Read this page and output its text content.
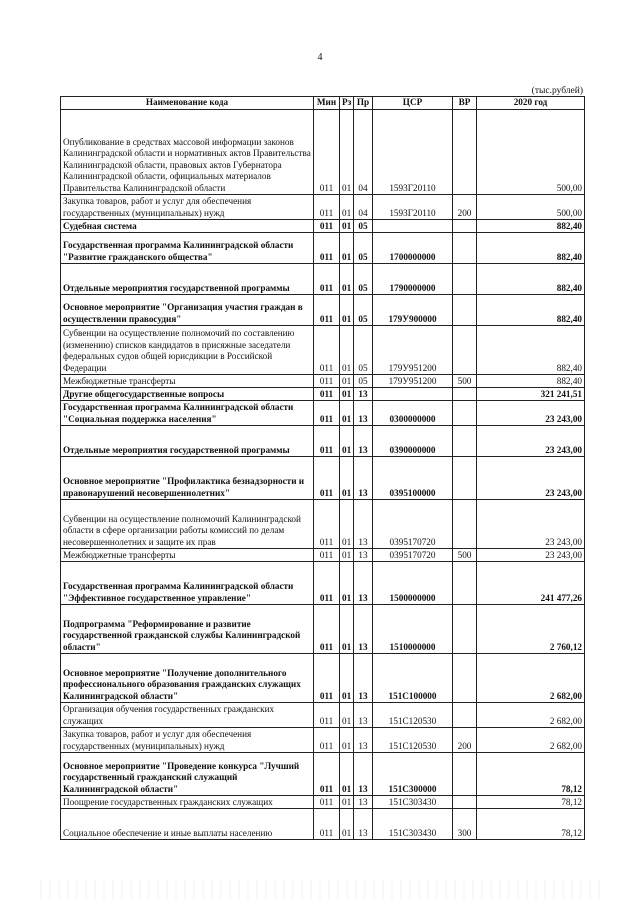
4
(тыс.рублей)
Наименование кода	Мин	Рз	Пр	ЦСР	ВР	2020 год
Опубликование в средствах массовой информации законов Калининградской области и нормативных актов Правительства Калининградской области, правовых актов Губернатора Калининградской области, официальных материалов Правительства Калининградской области	011	01	04	1593Г20110		500,00
Закупка товаров, работ и услуг для обеспечения государственных (муниципальных) нужд	011	01	04	1593Г20110	200	500,00
Судебная система	011	01	05			882,40
Государственная программа Калининградской области "Развитие гражданского общества"	011	01	05	1700000000		882,40
Отдельные мероприятия государственной программы	011	01	05	1790000000		882,40
Основное мероприятие "Организация участия граждан в осуществлении правосудия"	011	01	05	179У900000		882,40
Субвенции на осуществление полномочий по составлению (изменению) списков кандидатов в присяжные заседатели федеральных судов общей юрисдикции в Российской Федерации	011	01	05	179У951200		882,40
Межбюджетные трансферты	011	01	05	179У951200	500	882,40
Другие общегосударственные вопросы	011	01	13			321 241,51
Государственная программа Калининградской области "Социальная поддержка населения"	011	01	13	0300000000		23 243,00
Отдельные мероприятия государственной программы	011	01	13	0390000000		23 243,00
Основное мероприятие "Профилактика безнадзорности и правонарушений несовершеннолетних"	011	01	13	0395100000		23 243,00
Субвенции на осуществление полномочий Калининградской области в сфере организации работы комиссий по делам несовершеннолетних и защите их прав	011	01	13	0395170720		23 243,00
Межбюджетные трансферты	011	01	13	0395170720	500	23 243,00
Государственная программа Калининградской области "Эффективное государственное управление"	011	01	13	1500000000		241 477,26
Подпрограмма "Реформирование и развитие государственной гражданской службы Калининградской области"	011	01	13	1510000000		2 760,12
Основное мероприятие "Получение дополнительного профессионального образования гражданских служащих Калининградской области"	011	01	13	151С100000		2 682,00
Организация обучения государственных гражданских служащих	011	01	13	151С120530		2 682,00
Закупка товаров, работ и услуг для обеспечения государственных (муниципальных) нужд	011	01	13	151С120530	200	2 682,00
Основное мероприятие "Проведение конкурса "Лучший государственный гражданский служащий Калининградской области"	011	01	13	151С300000		78,12
Поощрение государственных гражданских служащих	011	01	13	151С303430		78,12
Социальное обеспечение и иные выплаты населению	011	01	13	151С303430	300	78,12
